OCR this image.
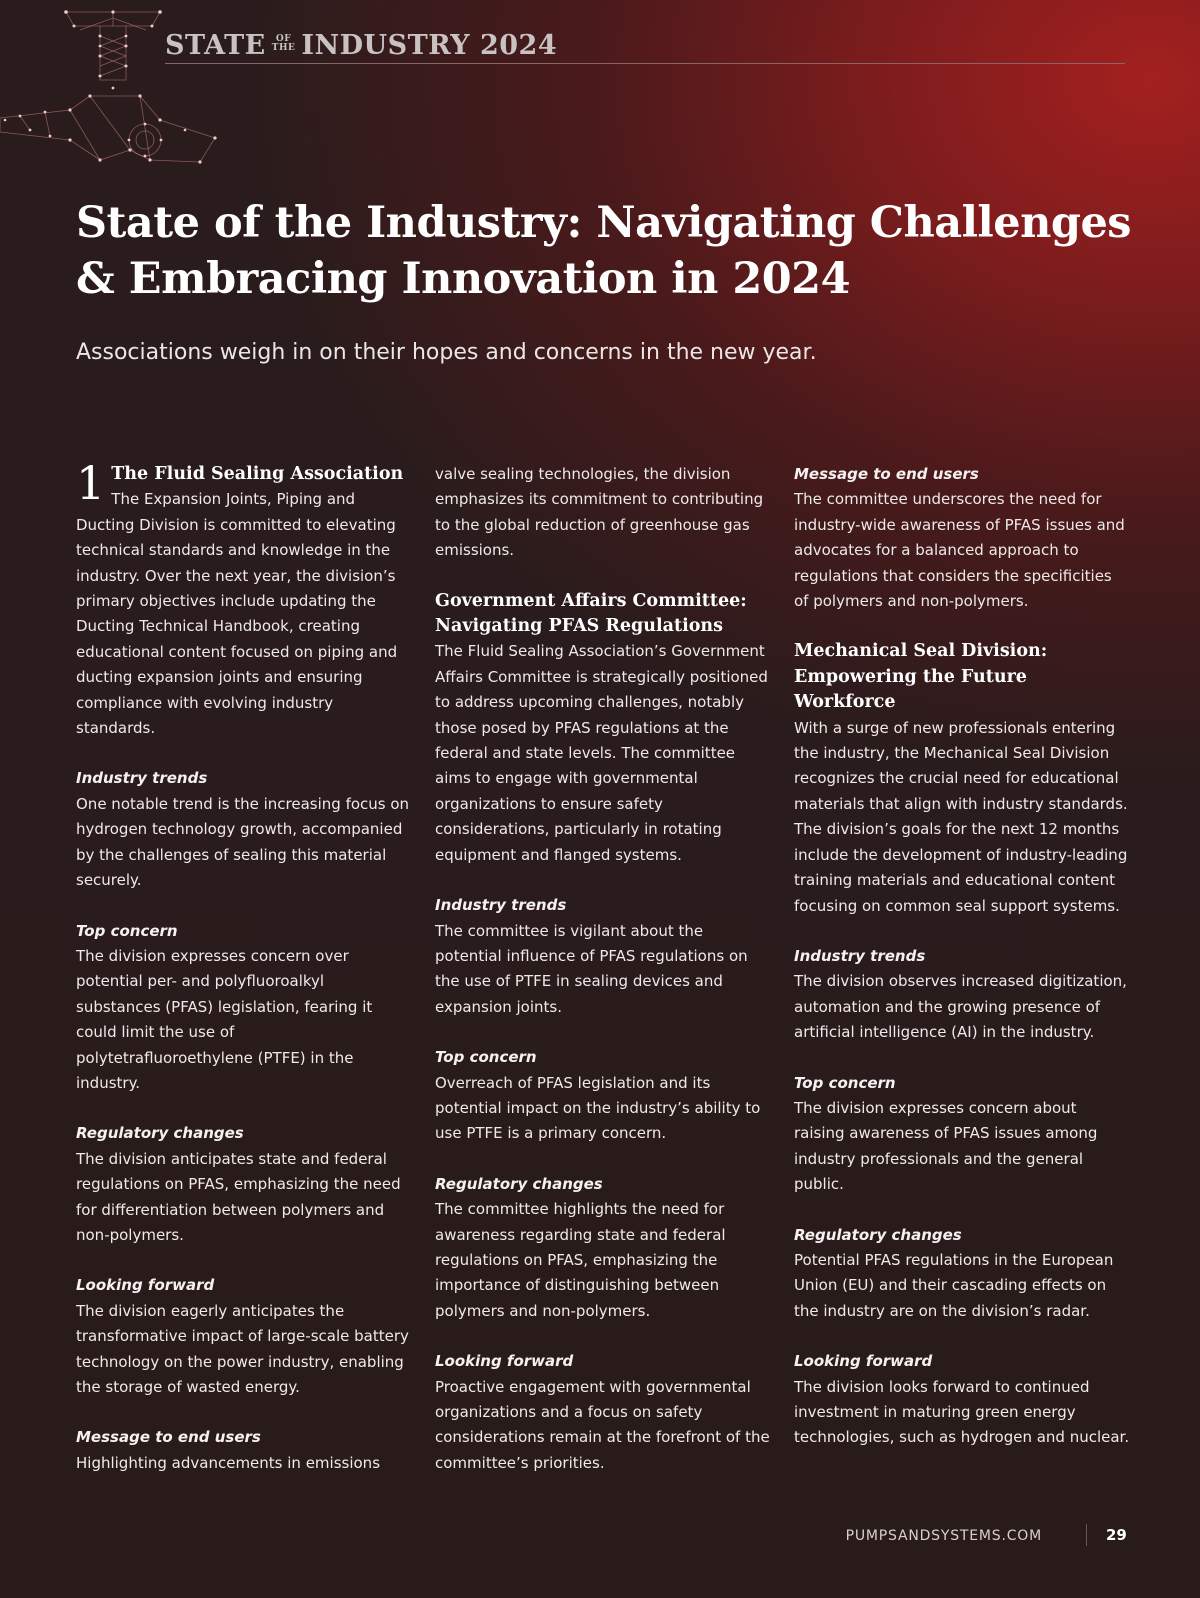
STATE OF
THE INDUSTRY 2024
State of the Industry: Navigating Challenges & Embracing Innovation in 2024
Associations weigh in on their hopes and concerns in the new year.
1 The Fluid Sealing Association

The Expansion Joints, Piping and Ducting Division is committed to elevating technical standards and knowledge in the industry. Over the next year, the division’s primary objectives include updating the Ducting Technical Handbook, creating educational content focused on piping and ducting expansion joints and ensuring compliance with evolving industry standards.

Industry trends

One notable trend is the increasing focus on hydrogen technology growth, accompanied by the challenges of sealing this material securely.

Top concern

The division expresses concern over potential per- and polyfluoroalkyl substances (PFAS) legislation, fearing it could limit the use of polytetrafluoroethylene (PTFE) in the industry.

Regulatory changes

The division anticipates state and federal regulations on PFAS, emphasizing the need for differentiation between polymers and non-polymers.

Looking forward

The division eagerly anticipates the transformative impact of large-scale battery technology on the power industry, enabling the storage of wasted energy.

Message to end users

Highlighting advancements in emissions

valve sealing technologies, the division emphasizes its commitment to contributing to the global reduction of greenhouse gas emissions.

Government Affairs Committee: Navigating PFAS Regulations

The Fluid Sealing Association’s Government Affairs Committee is strategically positioned to address upcoming challenges, notably those posed by PFAS regulations at the federal and state levels. The committee aims to engage with governmental organizations to ensure safety considerations, particularly in rotating equipment and flanged systems.

Industry trends

The committee is vigilant about the potential influence of PFAS regulations on the use of PTFE in sealing devices and expansion joints.

Top concern

Overreach of PFAS legislation and its potential impact on the industry’s ability to use PTFE is a primary concern.

Regulatory changes

The committee highlights the need for awareness regarding state and federal regulations on PFAS, emphasizing the importance of distinguishing between polymers and non-polymers.

Looking forward

Proactive engagement with governmental organizations and a focus on safety considerations remain at the forefront of the committee’s priorities.

Message to end users

The committee underscores the need for industry-wide awareness of PFAS issues and advocates for a balanced approach to regulations that considers the specificities of polymers and non-polymers.

Mechanical Seal Division: Empowering the Future Workforce

With a surge of new professionals entering the industry, the Mechanical Seal Division recognizes the crucial need for educational materials that align with industry standards. The division’s goals for the next 12 months include the development of industry-leading training materials and educational content focusing on common seal support systems.

Industry trends

The division observes increased digitization, automation and the growing presence of artificial intelligence (AI) in the industry.

Top concern

The division expresses concern about raising awareness of PFAS issues among industry professionals and the general public.

Regulatory changes

Potential PFAS regulations in the European Union (EU) and their cascading effects on the industry are on the division’s radar.

Looking forward

The division looks forward to continued investment in maturing green energy technologies, such as hydrogen and nuclear.

PUMPSANDSYSTEMS.COM	29
